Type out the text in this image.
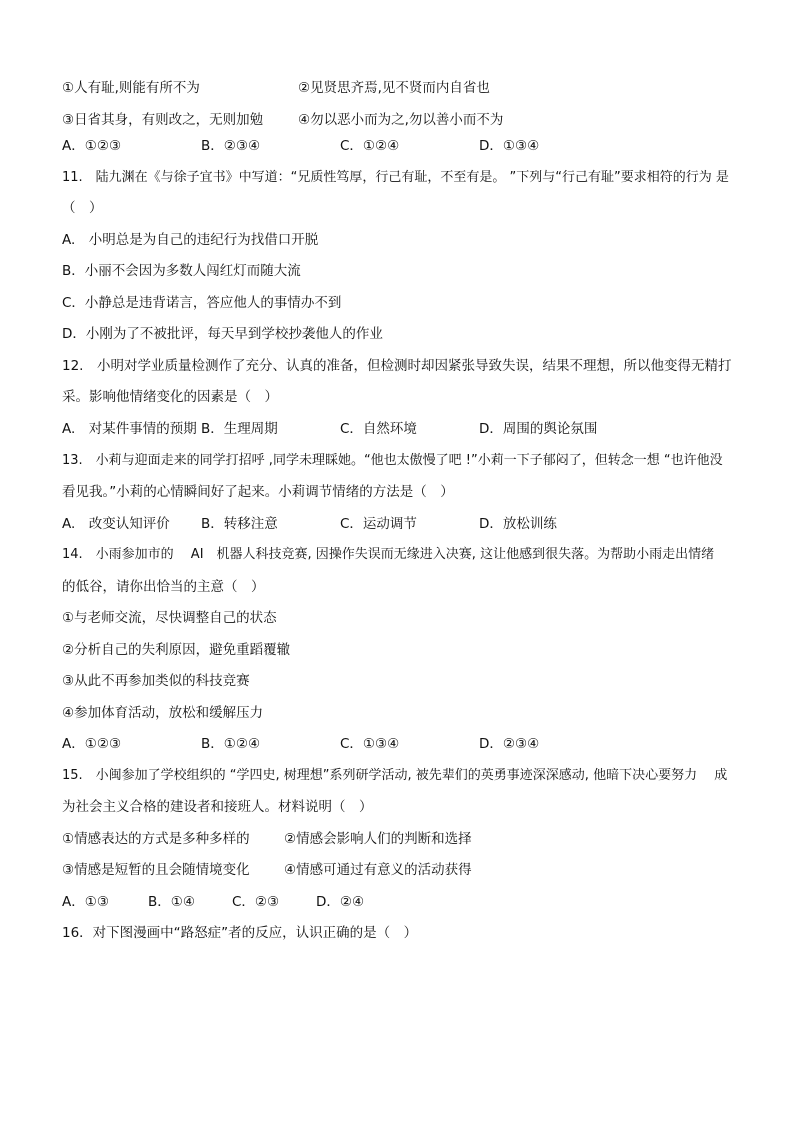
①人有耻,则能有所不为	②见贤思齐焉,见不贤而内自省也
③日省其身，有则改之，无则加勉	④勿以恶小而为之,勿以善小而不为
A．①②③	B．②③④	C．①②④	D．①③④
11.　陆九渊在《与徐子宜书》中写道：“兄质性笃厚，行己有耻，不至有是。 ”下列与“行己有耻”要求相符的行为 是
（　）
A.　小明总是为自己的违纪行为找借口开脱
B．小丽不会因为多数人闯红灯而随大流
C．小静总是违背诺言，答应他人的事情办不到
D．小刚为了不被批评，每天早到学校抄袭他人的作业
12.　小明对学业质量检测作了充分、认真的准备，但检测时却因紧张导致失误，结果不理想，所以他变得无精打
采。影响他情绪变化的因素是（　）
A.　对某件事情的预期 B．生理周期	C．自然环境	D．周围的舆论氛围
13.　小莉与迎面走来的同学打招呼 ,同学未理睬她。“他也太傲慢了吧 !”小莉一下子郁闷了，但转念一想 “也许他没
看见我。”小莉的心情瞬间好了起来。小莉调节情绪的方法是（　）
A.　改变认知评价 B．转移注意	C．运动调节	D．放松训练
14.　小雨参加市的　 AI　机器人科技竞赛, 因操作失误而无缘进入决赛, 这让他感到很失落。为帮助小雨走出情绪
的低谷，请你出恰当的主意（　）
①与老师交流，尽快调整自己的状态
②分析自己的失利原因，避免重蹈覆辙
③从此不再参加类似的科技竞赛
④参加体育活动，放松和缓解压力
A．①②③	B．①②④	C．①③④	D．②③④
15.　小闽参加了学校组织的 “学四史, 树理想”系列研学活动, 被先辈们的英勇事迹深深感动, 他暗下决心要努力　 成
为社会主义合格的建设者和接班人。材料说明（　）
①情感表达的方式是多种多样的	②情感会影响人们的判断和选择
③情感是短暂的且会随情境变化	④情感可通过有意义的活动获得
A．①③	B．①④	C．②③	D．②④
16．对下图漫画中“路怒症”者的反应，认识正确的是（　）
